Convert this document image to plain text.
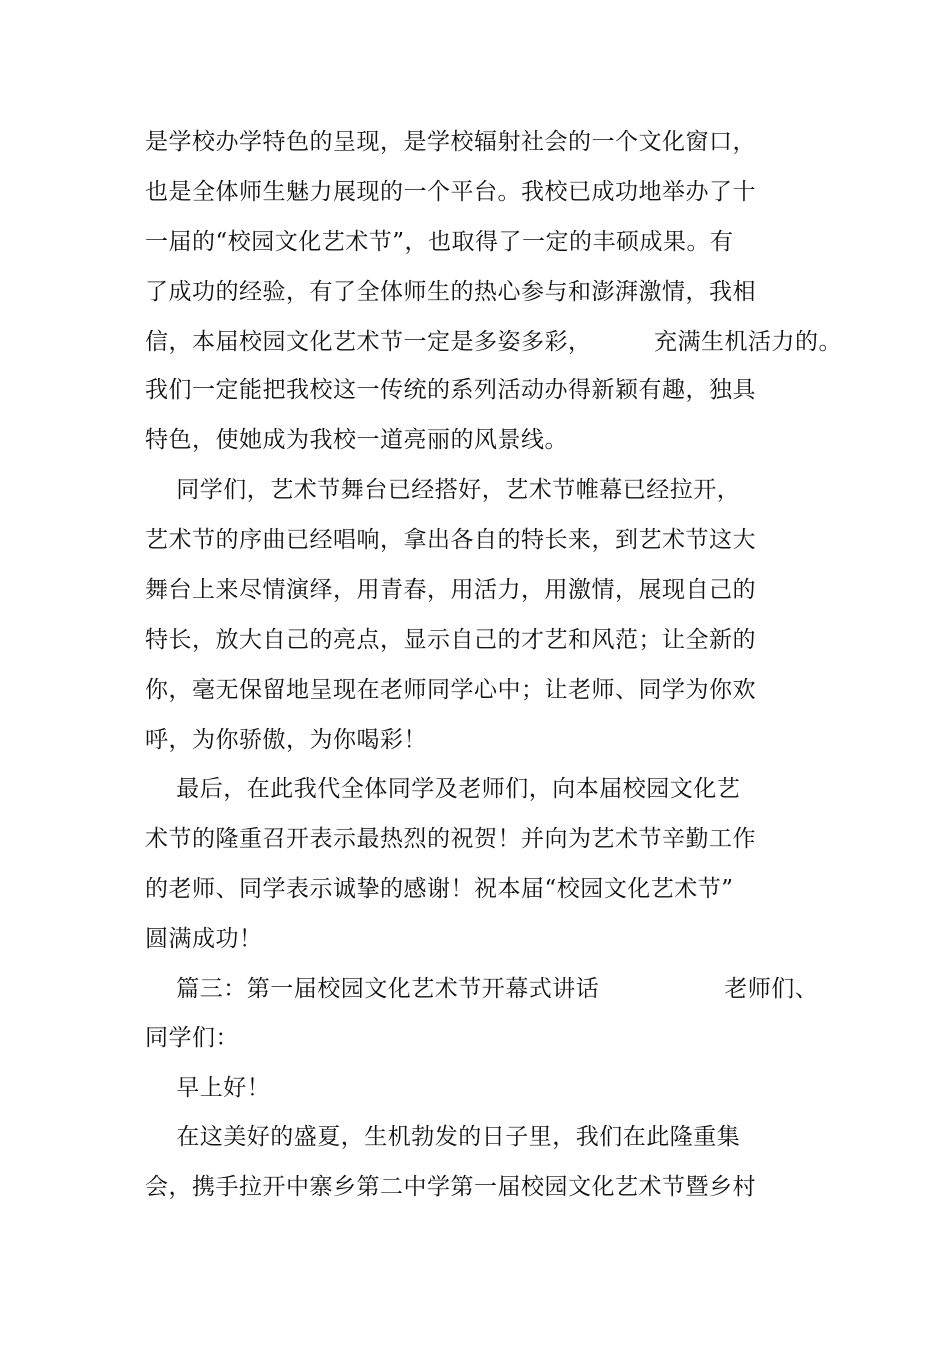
是学校办学特色的呈现，是学校辐射社会的一个文化窗口，
也是全体师生魅力展现的一个平台。我校已成功地举办了十
一届的“校园文化艺术节”，也取得了一定的丰硕成果。有
了成功的经验，有了全体师生的热心参与和澎湃激情，我相
信，本届校园文化艺术节一定是多姿多彩，        充满生机活力的。
我们一定能把我校这一传统的系列活动办得新颖有趣，独具
特色，使她成为我校一道亮丽的风景线。
同学们，艺术节舞台已经搭好，艺术节帷幕已经拉开，
艺术节的序曲已经唱响，拿出各自的特长来，到艺术节这大
舞台上来尽情演绎，用青春，用活力，用激情，展现自己的
特长，放大自己的亮点，显示自己的才艺和风范；让全新的
你，毫无保留地呈现在老师同学心中；让老师、同学为你欢
呼，为你骄傲，为你喝彩！
最后，在此我代全体同学及老师们，向本届校园文化艺
术节的隆重召开表示最热烈的祝贺！并向为艺术节辛勤工作
的老师、同学表示诚挚的感谢！祝本届“校园文化艺术节”
圆满成功！
篇三：第一届校园文化艺术节开幕式讲话                老师们、
同学们：
早上好！
在这美好的盛夏，生机勃发的日子里，我们在此隆重集
会，携手拉开中寨乡第二中学第一届校园文化艺术节暨乡村
